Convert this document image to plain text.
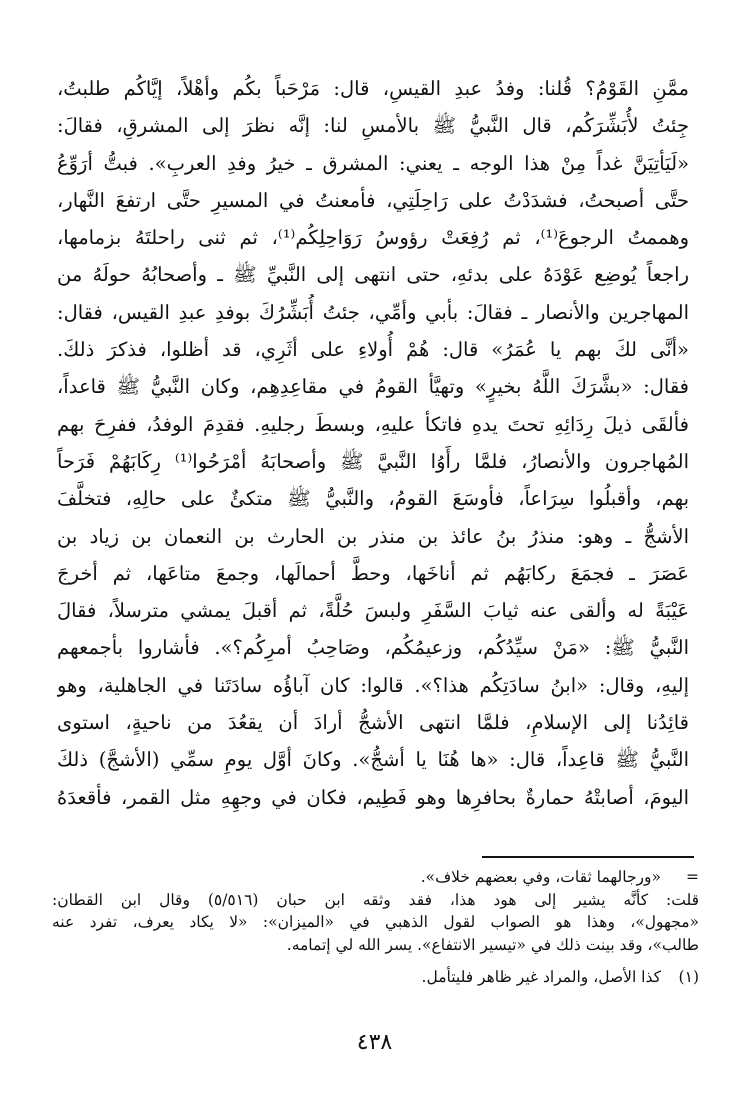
ممَّنِ القَوْمُ؟ قُلنا: وفدُ عبدِ القيسِ، قال: مَرْحَباً بكُم وأهْلاً، إيَّاكُم طلبتُ،
جِئتُ لأُبَشِّرَكُم، قال النَّبيُّ ﷺ بالأمسِ لنا: إنَّه نظرَ إلى المشرقِ، فقالَ:
«لَيَأتِيَنَّ غداً مِنْ هذا الوجه ـ يعني: المشرق ـ خيرُ وفدِ العربِ». فبتُّ أرَوِّعُ
حتَّى أصبحتُ، فشدَدْتُ على رَاحِلَتِي، فأمعنتُ في المسيرِ حتَّى ارتفعَ النَّهار،
وهممتُ الرجوعَ⁽¹⁾، ثم رُفِعَتْ رؤوسُ رَوَاحِلِكُم⁽¹⁾، ثم ثنى راحلتَهُ بزمامها،
راجعاً يُوضِع عَوْدَهُ على بدئهِ، حتى انتهى إلى النَّبيِّ ﷺ ـ وأصحابُهُ حولَهُ من
المهاجرين والأنصار ـ فقالَ: بأبي وأمِّي، جئتُ أُبَشِّرُكَ بوفدِ عبدِ القيس، فقال:
«أنَّى لكَ بهم يا عُمَرُ» قال: هُمْ أُولاءِ على أثَرِي، قد أظلوا، فذكرَ ذلكَ.
فقال: «بشَّرَكَ اللَّهُ بخيرٍ» وتهيَّأ القومُ في مقاعِدِهِم، وكان النَّبيُّ ﷺ قاعداً،
فألقَى ذيلَ رِدَائِهِ تحتَ يدهِ فاتكأ عليهِ، وبسطَ رجليهِ. فقدِمَ الوفدُ، ففرِحَ بهم
المُهاجرون والأنصارُ، فلمَّا رأَوُا النَّبيَّ ﷺ وأصحابَهُ أمْرَحُوا⁽¹⁾ رِكَابَهُمْ فَرَحاً
بهم، وأقبلُوا سِرَاعاً، فأوسَعَ القومُ، والنَّبيُّ ﷺ متكئٌ على حالِهِ، فتخلَّفَ
الأشجُّ ـ وهو: منذرُ بنُ عائذ بن منذر بن الحارث بن النعمان بن زياد بن
عَصَرَ ـ فجمَعَ ركابَهُم ثم أناخَها، وحطَّ أحمالَها، وجمعَ متاعَها، ثم أخرجَ
عَيْبَةً له وألقى عنه ثيابَ السَّفَرِ ولبسَ حُلَّةً، ثم أقبلَ يمشي مترسلاً، فقالَ
النَّبيُّ ﷺ: «مَنْ سيِّدُكُم، وزعيمُكُم، وصَاحِبُ أمرِكُم؟». فأشاروا بأجمعهم
إليهِ، وقال: «ابنُ سادَتِكُم هذا؟». قالوا: كان آباؤُه سادَتَنا في الجاهلية، وهو
قائِدُنا إلى الإسلامِ، فلمَّا انتهى الأشجُّ أرادَ أن يقعُدَ من ناحيةٍ، استوى
النَّبيُّ ﷺ قاعِداً، قال: «ها هُنَا يا أشجُّ». وكانَ أوَّل يومِ سمِّي (الأشجَّ) ذلكَ
اليومَ، أصابتْهُ حمارةٌ بحافرِها وهو فَطِيم، فكان في وجهِهِ مثل القمر، فأقعدَهُ
=
«ورجالهما ثقات، وفي بعضهم خلاف».
قلت: كأنَّه يشير إلى هود هذا، فقد وثقه ابن حبان (٥/٥١٦) وقال ابن القطان:
«مجهول»، وهذا هو الصواب لقول الذهبي في «الميزان»: «لا يكاد يعرف، تفرد عنه
طالب»، وقد بينت ذلك في «تيسير الانتفاع». يسر الله لي إتمامه.
(١)
كذا الأصل، والمراد غير ظاهر فليتأمل.
٤٣٨
